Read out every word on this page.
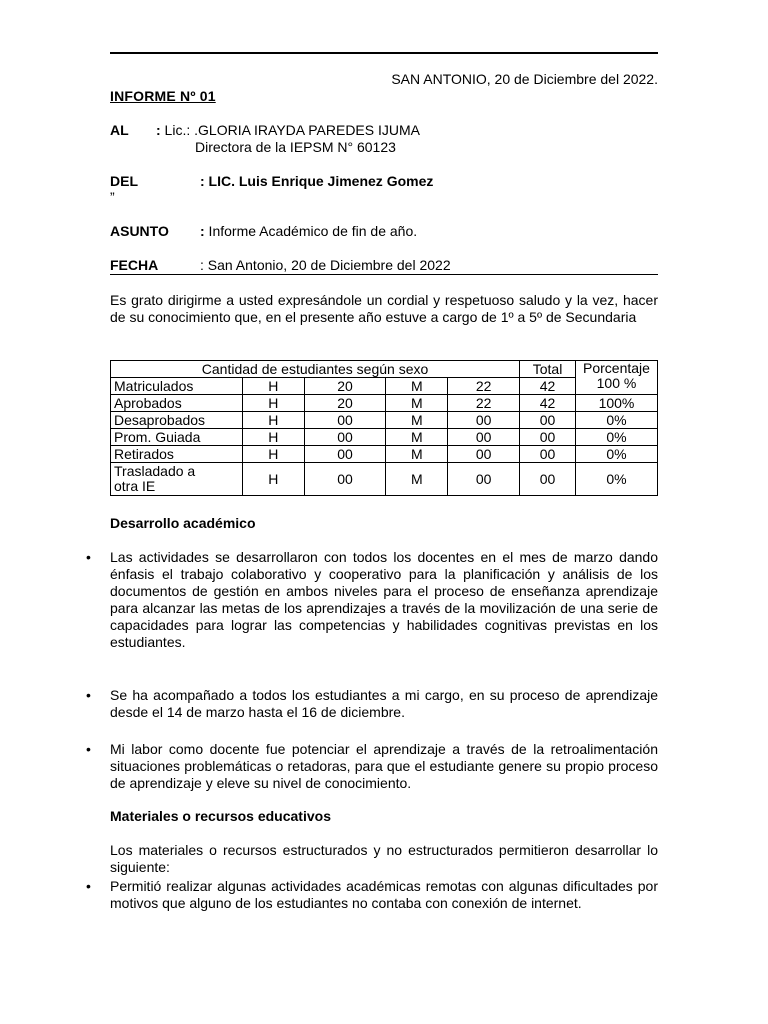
SAN ANTONIO, 20 de Diciembre del 2022.
INFORME Nº 01
AL : Lic.: .GLORIA IRAYDA PAREDES IJUMA
Directora de la IEPSM N° 60123
DEL	: LIC. Luis Enrique Jimenez Gomez
”
ASUNTO : Informe Académico de fin de año.
FECHA	: San Antonio, 20 de Diciembre del 2022
Es grato dirigirme a usted expresándole un cordial y respetuoso saludo y la vez, hacer de su conocimiento que, en el presente año estuve a cargo de 1º a 5º de Secundaria
Cantidad de estudiantes según sexo					Total	Porcentaje
100 %

Matriculados	H	20	M	22	42	
Aprobados	H	20	M	22	42	100%
Desaprobados	H	00	M	00	00	0%
Prom. Guiada	H	00	M	00	00	0%
Retirados	H	00	M	00	00	0%

Trasladado a
otra IE	H	00	M	00	00	0%
Desarrollo académico
• Las actividades se desarrollaron con todos los docentes en el mes de marzo dando énfasis el trabajo colaborativo y cooperativo para la planificación y análisis de los documentos de gestión en ambos niveles para el proceso de enseñanza aprendizaje para alcanzar las metas de los aprendizajes a través de la movilización de una serie de capacidades para lograr las competencias y habilidades cognitivas previstas en los estudiantes.
• Se ha acompañado a todos los estudiantes a mi cargo, en su proceso de aprendizaje desde el 14 de marzo hasta el 16 de diciembre.
• Mi labor como docente fue potenciar el aprendizaje a través de la retroalimentación situaciones problemáticas o retadoras, para que el estudiante genere su propio proceso de aprendizaje y eleve su nivel de conocimiento.
Materiales o recursos educativos
Los materiales o recursos estructurados y no estructurados permitieron desarrollar lo siguiente:
• Permitió realizar algunas actividades académicas remotas con algunas dificultades por motivos que alguno de los estudiantes no contaba con conexión de internet.
